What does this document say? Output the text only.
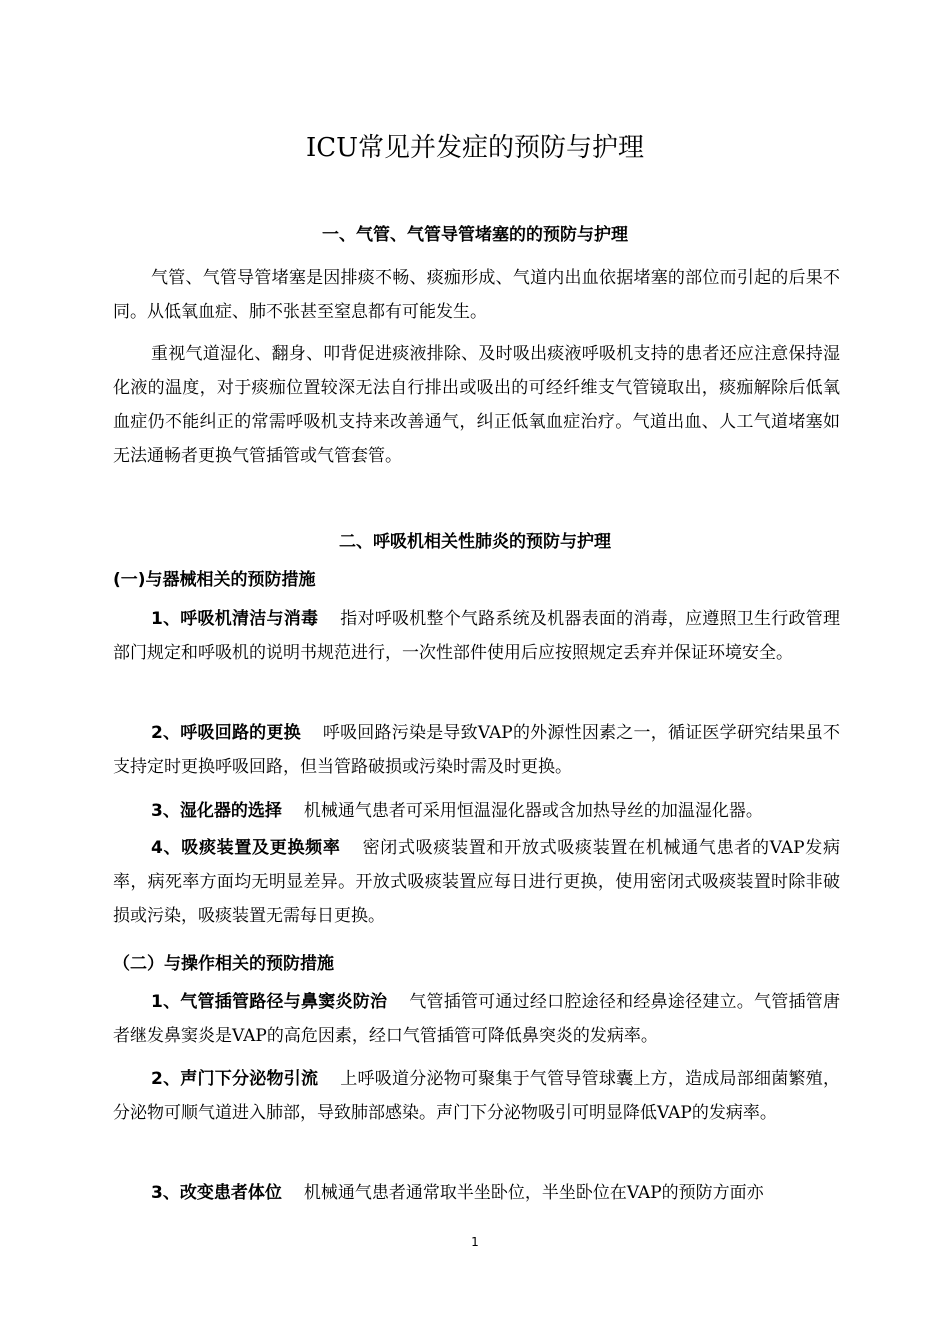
ICU常见并发症的预防与护理
一、气管、气管导管堵塞的的预防与护理

气管、气管导管堵塞是因排痰不畅、痰痂形成、气道内出血依据堵塞的部位而引起的后果不同。从低氧血症、肺不张甚至窒息都有可能发生。

重视气道湿化、翻身、叩背促进痰液排除、及时吸出痰液呼吸机支持的患者还应注意保持湿化液的温度，对于痰痂位置较深无法自行排出或吸出的可经纤维支气管镜取出，痰痂解除后低氧血症仍不能纠正的常需呼吸机支持来改善通气，纠正低氧血症治疗。气道出血、人工气道堵塞如无法通畅者更换气管插管或气管套管。

二、呼吸机相关性肺炎的预防与护理
(一)与器械相关的预防措施

1、呼吸机清洁与消毒 指对呼吸机整个气路系统及机器表面的消毒，应遵照卫生行政管理部门规定和呼吸机的说明书规范进行，一次性部件使用后应按照规定丢弃并保证环境安全。

2、呼吸回路的更换 呼吸回路污染是导致VAP的外源性因素之一，循证医学研究结果虽不支持定时更换呼吸回路，但当管路破损或污染时需及时更换。

3、湿化器的选择 机械通气患者可采用恒温湿化器或含加热导丝的加温湿化器。

4、吸痰装置及更换频率 密闭式吸痰装置和开放式吸痰装置在机械通气患者的VAP发病率，病死率方面均无明显差异。开放式吸痰装置应每日进行更换，使用密闭式吸痰装置时除非破损或污染，吸痰装置无需每日更换。

（二）与操作相关的预防措施

1、气管插管路径与鼻窦炎防治 气管插管可通过经口腔途径和经鼻途径建立。气管插管唐者继发鼻窦炎是VAP的高危因素，经口气管插管可降低鼻突炎的发病率。

2、声门下分泌物引流 上呼吸道分泌物可聚集于气管导管球囊上方，造成局部细菌繁殖，分泌物可顺气道进入肺部，导致肺部感染。声门下分泌物吸引可明显降低VAP的发病率。

3、改变患者体位 机械通气患者通常取半坐卧位，半坐卧位在VAP的预防方面亦

1
